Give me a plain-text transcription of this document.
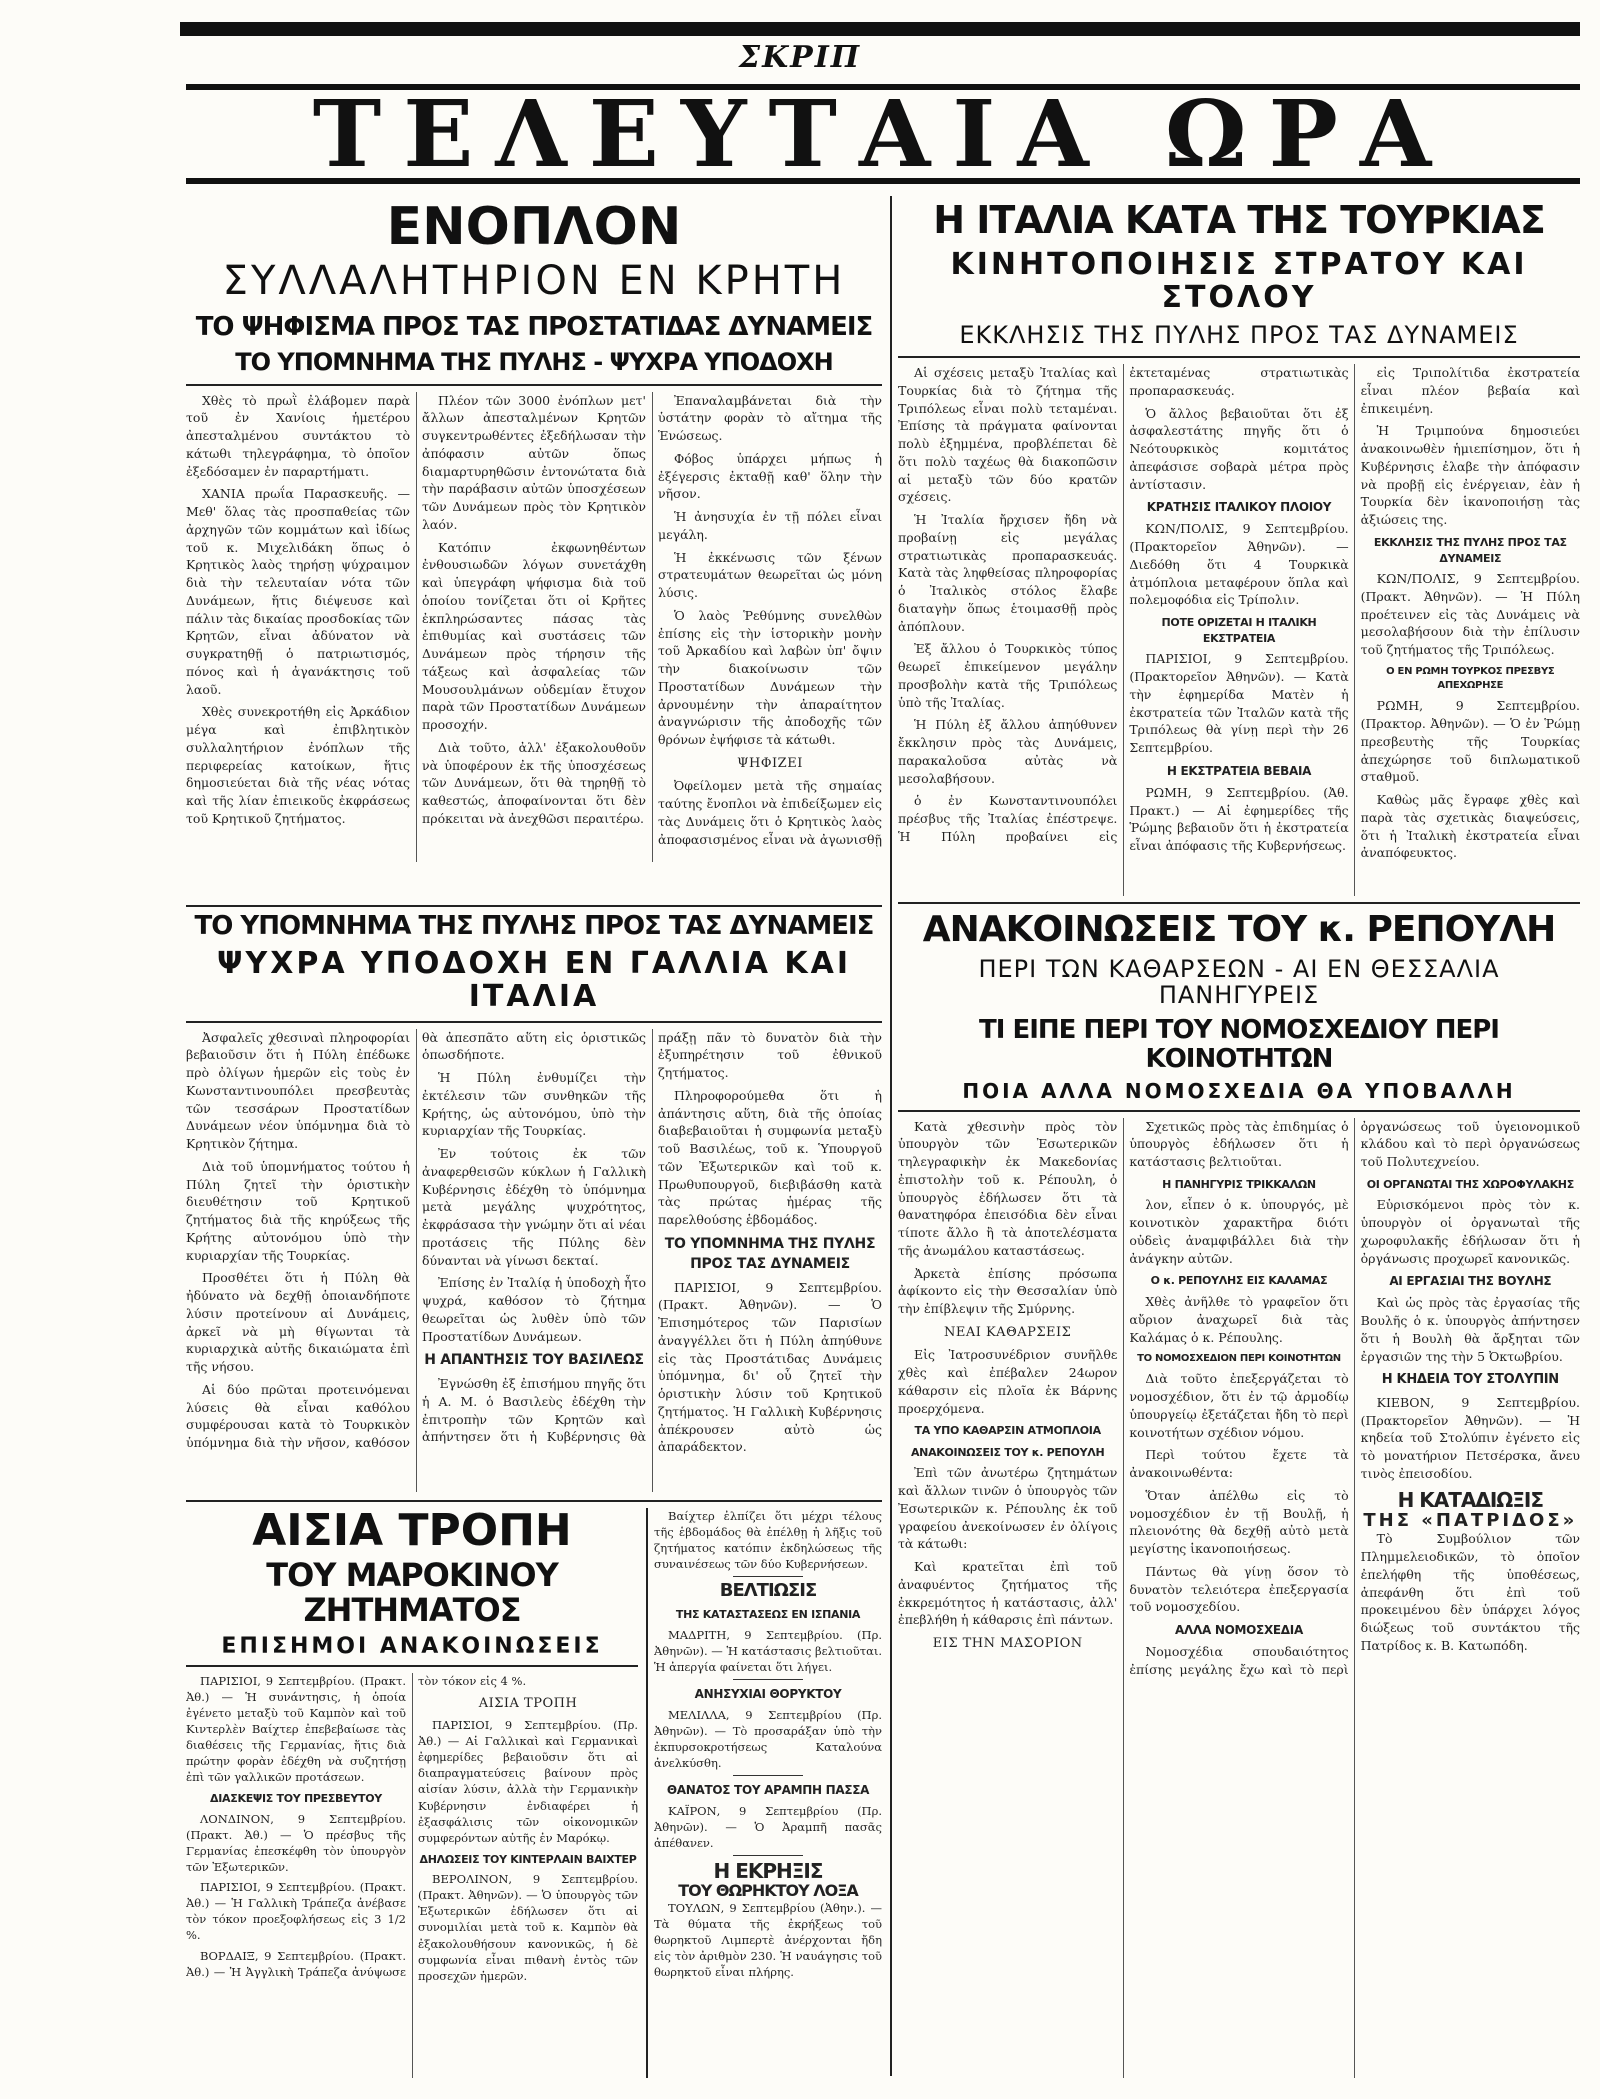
ΣΚΡΙΠ
ΤΕΛΕΥΤΑΙΑ ΩΡΑ
ΕΝΟΠΛΟΝ
ΣΥΛΛΑΛΗΤΗΡΙΟΝ ΕΝ ΚΡΗΤΗ
ΤΟ ΨΗΦΙΣΜΑ ΠΡΟΣ ΤΑΣ ΠΡΟΣΤΑΤΙΔΑΣ ΔΥΝΑΜΕΙΣ
ΤΟ ΥΠΟΜΝΗΜΑ ΤΗΣ ΠΥΛΗΣ - ΨΥΧΡΑ ΥΠΟΔΟΧΗ

Χθὲς τὸ πρωῒ ἐλάβομεν παρὰ τοῦ ἐν Χανίοις ἡμετέρου ἀπεσταλμένου συντάκτου τὸ κάτωθι τηλεγράφημα, τὸ ὁποῖον ἐξεδόσαμεν ἐν παραρτήματι.

ΧΑΝΙΑ πρωΐα Παρασκευῆς. — Μεθ' ὅλας τὰς προσπαθείας τῶν ἀρχηγῶν τῶν κομμάτων καὶ ἰδίως τοῦ κ. Μιχελιδάκη ὅπως ὁ Κρητικὸς λαὸς τηρήσῃ ψύχραιμον διὰ τὴν τελευταίαν νότα τῶν Δυνάμεων, ἥτις διέψευσε καὶ πάλιν τὰς δικαίας προσδοκίας τῶν Κρητῶν, εἶναι ἀδύνατον νὰ συγκρατηθῇ ὁ πατριωτισμός, πόνος καὶ ἡ ἀγανάκτησις τοῦ λαοῦ.

Χθὲς συνεκροτήθη εἰς Ἀρκάδιον μέγα καὶ ἐπιβλητικὸν συλλαλητήριον ἐνόπλων τῆς περιφερείας κατοίκων, ἥτις δημοσιεύεται διὰ τῆς νέας νότας καὶ τῆς λίαν ἐπιεικοῦς ἐκφράσεως τοῦ Κρητικοῦ ζητήματος.

Πλέον τῶν 3000 ἐνόπλων μετ' ἄλλων ἀπεσταλμένων Κρητῶν συγκεντρωθέντες ἐξεδήλωσαν τὴν ἀπόφασιν αὐτῶν ὅπως διαμαρτυρηθῶσιν ἐντονώτατα διὰ τὴν παράβασιν αὐτῶν ὑποσχέσεων τῶν Δυνάμεων πρὸς τὸν Κρητικὸν λαόν.

Κατόπιν ἐκφωνηθέντων ἐνθουσιωδῶν λόγων συνετάχθη καὶ ὑπεγράφη ψήφισμα διὰ τοῦ ὁποίου τονίζεται ὅτι οἱ Κρῆτες ἐκπληρώσαντες πάσας τὰς ἐπιθυμίας καὶ συστάσεις τῶν Δυνάμεων πρὸς τήρησιν τῆς τάξεως καὶ ἀσφαλείας τῶν Μουσουλμάνων οὐδεμίαν ἔτυχον παρὰ τῶν Προστατίδων Δυνάμεων προσοχήν.

Διὰ τοῦτο, ἀλλ' ἐξακολουθοῦν νὰ ὑποφέρουν ἐκ τῆς ὑποσχέσεως τῶν Δυνάμεων, ὅτι θὰ τηρηθῇ τὸ καθεστώς, ἀποφαίνονται ὅτι δὲν πρόκειται νὰ ἀνεχθῶσι περαιτέρω.

Ἐπαναλαμβάνεται διὰ τὴν ὑστάτην φορὰν τὸ αἴτημα τῆς Ἑνώσεως.

Φόβος ὑπάρχει μήπως ἡ ἐξέγερσις ἐκταθῇ καθ' ὅλην τὴν νῆσον.

Ἡ ἀνησυχία ἐν τῇ πόλει εἶναι μεγάλη.

Ἡ ἐκκένωσις τῶν ξένων στρατευμάτων θεωρεῖται ὡς μόνη λύσις.

Ὁ λαὸς Ῥεθύμνης συνελθὼν ἐπίσης εἰς τὴν ἱστορικὴν μονὴν τοῦ Ἀρκαδίου καὶ λαβὼν ὑπ' ὄψιν τὴν διακοίνωσιν τῶν Προστατίδων Δυνάμεων τὴν ἀρνουμένην τὴν ἀπαραίτητον ἀναγνώρισιν τῆς ἀποδοχῆς τῶν θρόνων ἐψήφισε τὰ κάτωθι.

ΨΗΦΙΖΕΙ

Ὀφείλομεν μετὰ τῆς σημαίας ταύτης ἔνοπλοι νὰ ἐπιδείξωμεν εἰς τὰς Δυνάμεις ὅτι ὁ Κρητικὸς λαὸς ἀποφασισμένος εἶναι νὰ ἀγωνισθῇ

ΤΟ ΥΠΟΜΝΗΜΑ ΤΗΣ ΠΥΛΗΣ ΠΡΟΣ ΤΑΣ ΔΥΝΑΜΕΙΣ
ΨΥΧΡΑ ΥΠΟΔΟΧΗ ΕΝ ΓΑΛΛΙΑ ΚΑΙ ΙΤΑΛΙΑ

Ἀσφαλεῖς χθεσιναὶ πληροφορίαι βεβαιοῦσιν ὅτι ἡ Πύλη ἐπέδωκε πρὸ ὀλίγων ἡμερῶν εἰς τοὺς ἐν Κωνσταντινουπόλει πρεσβευτὰς τῶν τεσσάρων Προστατίδων Δυνάμεων νέον ὑπόμνημα διὰ τὸ Κρητικὸν ζήτημα.

Διὰ τοῦ ὑπομνήματος τούτου ἡ Πύλη ζητεῖ τὴν ὁριστικὴν διευθέτησιν τοῦ Κρητικοῦ ζητήματος διὰ τῆς κηρύξεως τῆς Κρήτης αὐτονόμου ὑπὸ τὴν κυριαρχίαν τῆς Τουρκίας.

Προσθέτει ὅτι ἡ Πύλη θὰ ἠδύνατο νὰ δεχθῇ ὁποιανδήποτε λύσιν προτείνουν αἱ Δυνάμεις, ἀρκεῖ νὰ μὴ θίγωνται τὰ κυριαρχικὰ αὐτῆς δικαιώματα ἐπὶ τῆς νήσου.

Αἱ δύο πρῶται προτεινόμεναι λύσεις θὰ εἶναι καθόλου συμφέρουσαι κατὰ τὸ Τουρκικὸν ὑπόμνημα διὰ τὴν νῆσον, καθόσον θὰ ἀπεσπᾶτο αὕτη εἰς ὁριστικῶς ὁπωσδήποτε.

Ἡ Πύλη ἐνθυμίζει τὴν ἐκτέλεσιν τῶν συνθηκῶν τῆς Κρήτης, ὡς αὐτονόμου, ὑπὸ τὴν κυριαρχίαν τῆς Τουρκίας.

Ἐν τούτοις ἐκ τῶν ἀναφερθεισῶν κύκλων ἡ Γαλλικὴ Κυβέρνησις ἐδέχθη τὸ ὑπόμνημα μετὰ μεγάλης ψυχρότητος, ἐκφράσασα τὴν γνώμην ὅτι αἱ νέαι προτάσεις τῆς Πύλης δὲν δύνανται νὰ γίνωσι δεκταί.

Ἐπίσης ἐν Ἰταλίᾳ ἡ ὑποδοχὴ ἦτο ψυχρά, καθόσον τὸ ζήτημα θεωρεῖται ὡς λυθὲν ὑπὸ τῶν Προστατίδων Δυνάμεων.

Η ΑΠΑΝΤΗΣΙΣ ΤΟΥ ΒΑΣΙΛΕΩΣ

Ἐγνώσθη ἐξ ἐπισήμου πηγῆς ὅτι ἡ Α. Μ. ὁ Βασιλεὺς ἐδέχθη τὴν ἐπιτροπὴν τῶν Κρητῶν καὶ ἀπήντησεν ὅτι ἡ Κυβέρνησις θὰ πράξῃ πᾶν τὸ δυνατὸν διὰ τὴν ἐξυπηρέτησιν τοῦ ἐθνικοῦ ζητήματος.

Πληροφορούμεθα ὅτι ἡ ἀπάντησις αὕτη, διὰ τῆς ὁποίας διαβεβαιοῦται ἡ συμφωνία μεταξὺ τοῦ Βασιλέως, τοῦ κ. Ὑπουργοῦ τῶν Ἐξωτερικῶν καὶ τοῦ κ. Πρωθυπουργοῦ, διεβιβάσθη κατὰ τὰς πρώτας ἡμέρας τῆς παρελθούσης ἑβδομάδος.

ΤΟ ΥΠΟΜΝΗΜΑ ΤΗΣ ΠΥΛΗΣ ΠΡΟΣ ΤΑΣ ΔΥΝΑΜΕΙΣ

ΠΑΡΙΣΙΟΙ, 9 Σεπτεμβρίου. (Πρακτ. Ἀθηνῶν). — Ὁ Ἐπισημότερος τῶν Παρισίων ἀναγγέλλει ὅτι ἡ Πύλη ἀπηύθυνε εἰς τὰς Προστάτιδας Δυνάμεις ὑπόμνημα, δι' οὗ ζητεῖ τὴν ὁριστικὴν λύσιν τοῦ Κρητικοῦ ζητήματος. Ἡ Γαλλικὴ Κυβέρνησις ἀπέκρουσεν αὐτὸ ὡς ἀπαράδεκτον.

ΑΙΣΙΑ ΤΡΟΠΗ
ΤΟΥ ΜΑΡΟΚΙΝΟΥ ΖΗΤΗΜΑΤΟΣ
ΕΠΙΣΗΜΟΙ ΑΝΑΚΟΙΝΩΣΕΙΣ

ΠΑΡΙΣΙΟΙ, 9 Σεπτεμβρίου. (Πρακτ. Ἀθ.) — Ἡ συνάντησις, ἡ ὁποία ἐγένετο μεταξὺ τοῦ Καμπὸν καὶ τοῦ Κιντερλὲν Βαίχτερ ἐπεβεβαίωσε τὰς διαθέσεις τῆς Γερμανίας, ἥτις διὰ πρώτην φορὰν ἐδέχθη νὰ συζητήσῃ ἐπὶ τῶν γαλλικῶν προτάσεων.

ΔΙΑΣΚΕΨΙΣ ΤΟΥ ΠΡΕΣΒΕΥΤΟΥ

ΛΟΝΔΙΝΟΝ, 9 Σεπτεμβρίου. (Πρακτ. Ἀθ.) — Ὁ πρέσβυς τῆς Γερμανίας ἐπεσκέφθη τὸν ὑπουργὸν τῶν Ἐξωτερικῶν.

ΠΑΡΙΣΙΟΙ, 9 Σεπτεμβρίου. (Πρακτ. Ἀθ.) — Ἡ Γαλλικὴ Τράπεζα ἀνέβασε τὸν τόκον προεξοφλήσεως εἰς 3 1/2 %.

ΒΟΡΔΑΙΞ, 9 Σεπτεμβρίου. (Πρακτ. Ἀθ.) — Ἡ Ἀγγλικὴ Τράπεζα ἀνύψωσε τὸν τόκον εἰς 4 %.

ΑΙΣΙΑ ΤΡΟΠΗ

ΠΑΡΙΣΙΟΙ, 9 Σεπτεμβρίου. (Πρ. Ἀθ.) — Αἱ Γαλλικαὶ καὶ Γερμανικαὶ ἐφημερίδες βεβαιοῦσιν ὅτι αἱ διαπραγματεύσεις βαίνουν πρὸς αἰσίαν λύσιν, ἀλλὰ τὴν Γερμανικὴν Κυβέρνησιν ἐνδιαφέρει ἡ ἐξασφάλισις τῶν οἰκονομικῶν συμφερόντων αὐτῆς ἐν Μαρόκῳ.

ΔΗΛΩΣΕΙΣ ΤΟΥ ΚΙΝΤΕΡΛΑΙΝ ΒΑΙΧΤΕΡ

ΒΕΡΟΛΙΝΟΝ, 9 Σεπτεμβρίου. (Πρακτ. Ἀθηνῶν). — Ὁ ὑπουργὸς τῶν Ἐξωτερικῶν ἐδήλωσεν ὅτι αἱ συνομιλίαι μετὰ τοῦ κ. Καμπὸν θὰ ἐξακολουθήσουν κανονικῶς, ἡ δὲ συμφωνία εἶναι πιθανὴ ἐντὸς τῶν προσεχῶν ἡμερῶν.

Βαίχτερ ἐλπίζει ὅτι μέχρι τέλους τῆς ἑβδομάδος θὰ ἐπέλθῃ ἡ λῆξις τοῦ ζητήματος κατόπιν ἐκδηλώσεως τῆς συναινέσεως τῶν δύο Κυβερνήσεων.

ΒΕΛΤΙΩΣΙΣ
ΤΗΣ ΚΑΤΑΣΤΑΣΕΩΣ ΕΝ ΙΣΠΑΝΙΑ

ΜΑΔΡΙΤΗ, 9 Σεπτεμβρίου. (Πρ. Ἀθηνῶν). — Ἡ κατάστασις βελτιοῦται. Ἡ ἀπεργία φαίνεται ὅτι λήγει.

ΑΝΗΣΥΧΙΑΙ ΘΟΡΥΚΤΟΥ

ΜΕΛΙΛΛΑ, 9 Σεπτεμβρίου (Πρ. Ἀθηνῶν). — Τὸ προσαράξαν ὑπὸ τὴν ἐκπυρσοκροτήσεως Καταλούνα ἀνελκύσθη.

ΘΑΝΑΤΟΣ ΤΟΥ ΑΡΑΜΠΗ ΠΑΣΣΑ

ΚΑΪΡΟΝ, 9 Σεπτεμβρίου (Πρ. Ἀθηνῶν). — Ὁ Ἀραμπῆ πασᾶς ἀπέθανεν.

Η ΕΚΡΗΞΙΣ
ΤΟΥ ΘΩΡΗΚΤΟΥ ΛΟΞΑ

ΤΟΥΛΩΝ, 9 Σεπτεμβρίου (Ἀθην.). — Τὰ θύματα τῆς ἐκρήξεως τοῦ θωρηκτοῦ Λιμπερτὲ ἀνέρχονται ἤδη εἰς τὸν ἀριθμὸν 230. Ἡ ναυάγησις τοῦ θωρηκτοῦ εἶναι πλήρης.

Η ΙΤΑΛΙΑ ΚΑΤΑ ΤΗΣ ΤΟΥΡΚΙΑΣ
ΚΙΝΗΤΟΠΟΙΗΣΙΣ ΣΤΡΑΤΟΥ ΚΑΙ ΣΤΟΛΟΥ
ΕΚΚΛΗΣΙΣ ΤΗΣ ΠΥΛΗΣ ΠΡΟΣ ΤΑΣ ΔΥΝΑΜΕΙΣ

Αἱ σχέσεις μεταξὺ Ἰταλίας καὶ Τουρκίας διὰ τὸ ζήτημα τῆς Τριπόλεως εἶναι πολὺ τεταμέναι. Ἐπίσης τὰ πράγματα φαίνονται πολὺ ἐξημμένα, προβλέπεται δὲ ὅτι πολὺ ταχέως θὰ διακοπῶσιν αἱ μεταξὺ τῶν δύο κρατῶν σχέσεις.

Ἡ Ἰταλία ἤρχισεν ἤδη νὰ προβαίνῃ εἰς μεγάλας στρατιωτικὰς προπαρασκευάς. Κατὰ τὰς ληφθείσας πληροφορίας ὁ Ἰταλικὸς στόλος ἔλαβε διαταγὴν ὅπως ἑτοιμασθῇ πρὸς ἀπόπλουν.

Ἐξ ἄλλου ὁ Τουρκικὸς τύπος θεωρεῖ ἐπικείμενον μεγάλην προσβολὴν κατὰ τῆς Τριπόλεως ὑπὸ τῆς Ἰταλίας.

Ἡ Πύλη ἐξ ἄλλου ἀπηύθυνεν ἔκκλησιν πρὸς τὰς Δυνάμεις, παρακαλοῦσα αὐτὰς νὰ μεσολαβήσουν.

ὁ ἐν Κωνσταντινουπόλει πρέσβυς τῆς Ἰταλίας ἐπέστρεψε. Ἡ Πύλη προβαίνει εἰς ἐκτεταμένας στρατιωτικὰς προπαρασκευάς.

Ὁ ἄλλος βεβαιοῦται ὅτι ἐξ ἀσφαλεστάτης πηγῆς ὅτι ὁ Νεότουρκικὸς κομιτάτος ἀπεφάσισε σοβαρὰ μέτρα πρὸς ἀντίστασιν.

ΚΡΑΤΗΣΙΣ ΙΤΑΛΙΚΟΥ ΠΛΟΙΟΥ

ΚΩΝ/ΠΟΛΙΣ, 9 Σεπτεμβρίου. (Πρακτορεῖον Ἀθηνῶν). — Διεδόθη ὅτι 4 Τουρκικὰ ἀτμόπλοια μεταφέρουν ὅπλα καὶ πολεμοφόδια εἰς Τρίπολιν.

ΠΟΤΕ ΟΡΙΖΕΤΑΙ Η ΙΤΑΛΙΚΗ ΕΚΣΤΡΑΤΕΙΑ

ΠΑΡΙΣΙΟΙ, 9 Σεπτεμβρίου. (Πρακτορεῖον Ἀθηνῶν). — Κατὰ τὴν ἐφημερίδα Ματὲν ἡ ἐκστρατεία τῶν Ἰταλῶν κατὰ τῆς Τριπόλεως θὰ γίνῃ περὶ τὴν 26 Σεπτεμβρίου.

Η ΕΚΣΤΡΑΤΕΙΑ ΒΕΒΑΙΑ

ΡΩΜΗ, 9 Σεπτεμβρίου. (Ἀθ. Πρακτ.) — Αἱ ἐφημερίδες τῆς Ῥώμης βεβαιοῦν ὅτι ἡ ἐκστρατεία εἶναι ἀπόφασις τῆς Κυβερνήσεως.

εἰς Τριπολίτιδα ἐκστρατεία εἶναι πλέον βεβαία καὶ ἐπικειμένη.

Ἡ Τριμπούνα δημοσιεύει ἀνακοινωθὲν ἡμιεπίσημον, ὅτι ἡ Κυβέρνησις ἐλαβε τὴν ἀπόφασιν νὰ προβῇ εἰς ἐνέργειαν, ἐὰν ἡ Τουρκία δὲν ἱκανοποιήσῃ τὰς ἀξιώσεις της.

ΕΚΚΛΗΣΙΣ ΤΗΣ ΠΥΛΗΣ ΠΡΟΣ ΤΑΣ ΔΥΝΑΜΕΙΣ

ΚΩΝ/ΠΟΛΙΣ, 9 Σεπτεμβρίου. (Πρακτ. Ἀθηνῶν). — Ἡ Πύλη προέτεινεν εἰς τὰς Δυνάμεις νὰ μεσολαβήσουν διὰ τὴν ἐπίλυσιν τοῦ ζητήματος τῆς Τριπόλεως.

Ο ΕΝ ΡΩΜΗ ΤΟΥΡΚΟΣ ΠΡΕΣΒΥΣ ΑΠΕΧΩΡΗΣΕ

ΡΩΜΗ, 9 Σεπτεμβρίου. (Πρακτορ. Ἀθηνῶν). — Ὁ ἐν Ῥώμῃ πρεσβευτὴς τῆς Τουρκίας ἀπεχώρησε τοῦ διπλωματικοῦ σταθμοῦ.

Καθὼς μᾶς ἔγραφε χθὲς καὶ παρὰ τὰς σχετικὰς διαψεύσεις, ὅτι ἡ Ἰταλικὴ ἐκστρατεία εἶναι ἀναπόφευκτος.

ΑΝΑΚΟΙΝΩΣΕΙΣ ΤΟΥ κ. ΡΕΠΟΥΛΗ
ΠΕΡΙ ΤΩΝ ΚΑΘΑΡΣΕΩΝ - ΑΙ ΕΝ ΘΕΣΣΑΛΙΑ ΠΑΝΗΓΥΡΕΙΣ
ΤΙ ΕΙΠΕ ΠΕΡΙ ΤΟΥ ΝΟΜΟΣΧΕΔΙΟΥ ΠΕΡΙ ΚΟΙΝΟΤΗΤΩΝ
ΠΟΙΑ ΑΛΛΑ ΝΟΜΟΣΧΕΔΙΑ ΘΑ ΥΠΟΒΑΛΛΗ

Κατὰ χθεσινὴν πρὸς τὸν ὑπουργὸν τῶν Ἐσωτερικῶν τηλεγραφικὴν ἐκ Μακεδονίας ἐπιστολὴν τοῦ κ. Ρέπουλη, ὁ ὑπουργὸς ἐδήλωσεν ὅτι τὰ θανατηφόρα ἐπεισόδια δὲν εἶναι τίποτε ἄλλο ἢ τὰ ἀποτελέσματα τῆς ἀνωμάλου καταστάσεως.

Ἀρκετὰ ἐπίσης πρόσωπα ἀφίκοντο εἰς τὴν Θεσσαλίαν ὑπὸ τὴν ἐπίβλεψιν τῆς Σμύρνης.

ΝΕΑΙ ΚΑΘΑΡΣΕΙΣ

Εἰς Ἰατροσυνέδριον συνῆλθε χθὲς καὶ ἐπέβαλεν 24ωρον κάθαρσιν εἰς πλοῖα ἐκ Βάρνης προερχόμενα.

ΤΑ ΥΠΟ ΚΑΘΑΡΣΙΝ ΑΤΜΟΠΛΟΙΑ
ΑΝΑΚΟΙΝΩΣΕΙΣ ΤΟΥ κ. ΡΕΠΟΥΛΗ

Ἐπὶ τῶν ἀνωτέρω ζητημάτων καὶ ἄλλων τινῶν ὁ ὑπουργὸς τῶν Ἐσωτερικῶν κ. Ρέπουλης ἐκ τοῦ γραφείου ἀνεκοίνωσεν ἐν ὀλίγοις τὰ κάτωθι:

Καὶ κρατεῖται ἐπὶ τοῦ ἀναφυέντος ζητήματος τῆς ἐκκρεμότητος ἡ κατάστασις, ἀλλ' ἐπεβλήθη ἡ κάθαρσις ἐπὶ πάντων.

ΕΙΣ ΤΗΝ ΜΑΣΟΡΙΟΝ

Σχετικῶς πρὸς τὰς ἐπιδημίας ὁ ὑπουργὸς ἐδήλωσεν ὅτι ἡ κατάστασις βελτιοῦται.

Η ΠΑΝΗΓΥΡΙΣ ΤΡΙΚΚΑΛΩΝ

λον, εἶπεν ὁ κ. ὑπουργός, μὲ κοινοτικὸν χαρακτῆρα διότι οὐδεὶς ἀναμφιβάλλει διὰ τὴν ἀνάγκην αὐτῶν.

Ο κ. ΡΕΠΟΥΛΗΣ ΕΙΣ ΚΑΛΑΜΑΣ

Χθὲς ἀνῆλθε τὸ γραφεῖον ὅτι αὔριον ἀναχωρεῖ διὰ τὰς Καλάμας ὁ κ. Ρέπουλης.

ΤΟ ΝΟΜΟΣΧΕΔΙΟΝ ΠΕΡΙ ΚΟΙΝΟΤΗΤΩΝ

Διὰ τοῦτο ἐπεξεργάζεται τὸ νομοσχέδιον, ὅτι ἐν τῷ ἀρμοδίῳ ὑπουργείῳ ἐξετάζεται ἤδη τὸ περὶ κοινοτήτων σχέδιον νόμου.

Περὶ τούτου ἔχετε τὰ ἀνακοινωθέντα:

Ὅταν ἀπέλθω εἰς τὸ νομοσχέδιον ἐν τῇ Βουλῇ, ἡ πλειονότης θὰ δεχθῇ αὐτὸ μετὰ μεγίστης ἱκανοποιήσεως.

Πάντως θὰ γίνῃ ὅσον τὸ δυνατὸν τελειότερα ἐπεξεργασία τοῦ νομοσχεδίου.

ΑΛΛΑ ΝΟΜΟΣΧΕΔΙΑ

Νομοσχέδια σπουδαιότητος ἐπίσης μεγάλης ἔχω καὶ τὸ περὶ ὀργανώσεως τοῦ ὑγειονομικοῦ κλάδου καὶ τὸ περὶ ὀργανώσεως τοῦ Πολυτεχνείου.

ΟΙ ΟΡΓΑΝΩΤΑΙ ΤΗΣ ΧΩΡΟΦΥΛΑΚΗΣ

Εὑρισκόμενοι πρὸς τὸν κ. ὑπουργὸν οἱ ὀργανωταὶ τῆς χωροφυλακῆς ἐδήλωσαν ὅτι ἡ ὀργάνωσις προχωρεῖ κανονικῶς.

ΑΙ ΕΡΓΑΣΙΑΙ ΤΗΣ ΒΟΥΛΗΣ

Καὶ ὡς πρὸς τὰς ἐργασίας τῆς Βουλῆς ὁ κ. ὑπουργὸς ἀπήντησεν ὅτι ἡ Βουλὴ θὰ ἄρξηται τῶν ἐργασιῶν της τὴν 5 Ὀκτωβρίου.

Η ΚΗΔΕΙΑ ΤΟΥ ΣΤΟΛΥΠΙΝ

ΚΙΕΒΟΝ, 9 Σεπτεμβρίου. (Πρακτορεῖον Ἀθηνῶν). — Ἡ κηδεία τοῦ Στολύπιν ἐγένετο εἰς τὸ μονατήριον Πετσέρσκα, ἄνευ τινὸς ἐπεισοδίου.

Η ΚΑΤΑΔΙΩΞΙΣ
ΤΗΣ «ΠΑΤΡΙΔΟΣ»

Τὸ Συμβούλιον τῶν Πλημμελειοδικῶν, τὸ ὁποῖον ἐπελήφθη τῆς ὑποθέσεως, ἀπεφάνθη ὅτι ἐπὶ τοῦ προκειμένου δὲν ὑπάρχει λόγος διώξεως τοῦ συντάκτου τῆς Πατρίδος κ. Β. Κατωπόδη.
